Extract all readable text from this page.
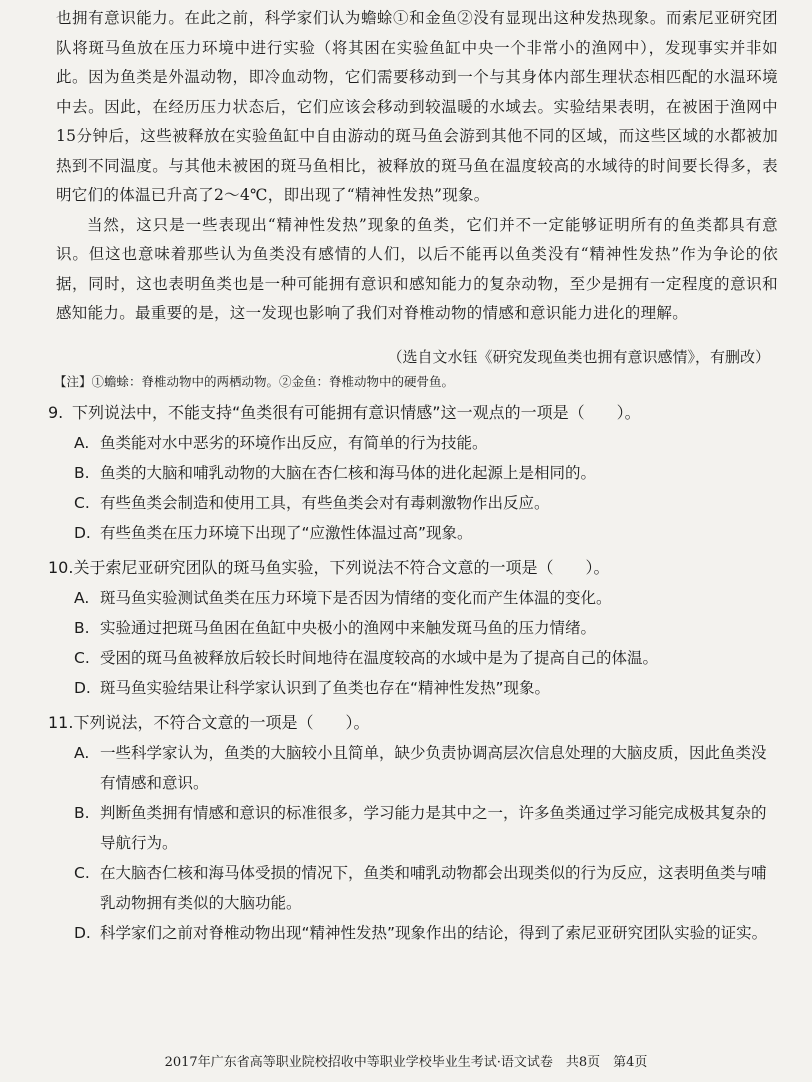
也拥有意识能力。在此之前，科学家们认为蟾蜍①和金鱼②没有显现出这种发热现象。而索尼亚研究团队将斑马鱼放在压力环境中进行实验（将其困在实验鱼缸中央一个非常小的渔网中），发现事实并非如此。因为鱼类是外温动物，即冷血动物，它们需要移动到一个与其身体内部生理状态相匹配的水温环境中去。因此，在经历压力状态后，它们应该会移动到较温暖的水域去。实验结果表明，在被困于渔网中15分钟后，这些被释放在实验鱼缸中自由游动的斑马鱼会游到其他不同的区域，而这些区域的水都被加热到不同温度。与其他未被困的斑马鱼相比，被释放的斑马鱼在温度较高的水域待的时间要长得多，表明它们的体温已升高了2～4℃，即出现了“精神性发热”现象。

当然，这只是一些表现出“精神性发热”现象的鱼类，它们并不一定能够证明所有的鱼类都具有意识。但这也意味着那些认为鱼类没有感情的人们，以后不能再以鱼类没有“精神性发热”作为争论的依据，同时，这也表明鱼类也是一种可能拥有意识和感知能力的复杂动物，至少是拥有一定程度的意识和感知能力。最重要的是，这一发现也影响了我们对脊椎动物的情感和意识能力进化的理解。

（选自文水钰《研究发现鱼类也拥有意识感情》，有删改）

【注】①蟾蜍：脊椎动物中的两栖动物。②金鱼：脊椎动物中的硬骨鱼。

9. 下列说法中，不能支持“鱼类很有可能拥有意识情感”这一观点的一项是（　　）。
A. 鱼类能对水中恶劣的环境作出反应，有简单的行为技能。
B. 鱼类的大脑和哺乳动物的大脑在杏仁核和海马体的进化起源上是相同的。
C. 有些鱼类会制造和使用工具，有些鱼类会对有毒刺激物作出反应。
D. 有些鱼类在压力环境下出现了“应激性体温过高”现象。
10.关于索尼亚研究团队的斑马鱼实验，下列说法不符合文意的一项是（　　）。
A. 斑马鱼实验测试鱼类在压力环境下是否因为情绪的变化而产生体温的变化。
B. 实验通过把斑马鱼困在鱼缸中央极小的渔网中来触发斑马鱼的压力情绪。
C. 受困的斑马鱼被释放后较长时间地待在温度较高的水域中是为了提高自己的体温。
D. 斑马鱼实验结果让科学家认识到了鱼类也存在“精神性发热”现象。
11.下列说法，不符合文意的一项是（　　）。
A. 一些科学家认为，鱼类的大脑较小且简单，缺少负责协调高层次信息处理的大脑皮质，因此鱼类没有情感和意识。
B. 判断鱼类拥有情感和意识的标准很多，学习能力是其中之一，许多鱼类通过学习能完成极其复杂的导航行为。
C. 在大脑杏仁核和海马体受损的情况下，鱼类和哺乳动物都会出现类似的行为反应，这表明鱼类与哺乳动物拥有类似的大脑功能。
D. 科学家们之前对脊椎动物出现“精神性发热”现象作出的结论，得到了索尼亚研究团队实验的证实。
2017年广东省高等职业院校招收中等职业学校毕业生考试·语文试卷　共8页　第4页
